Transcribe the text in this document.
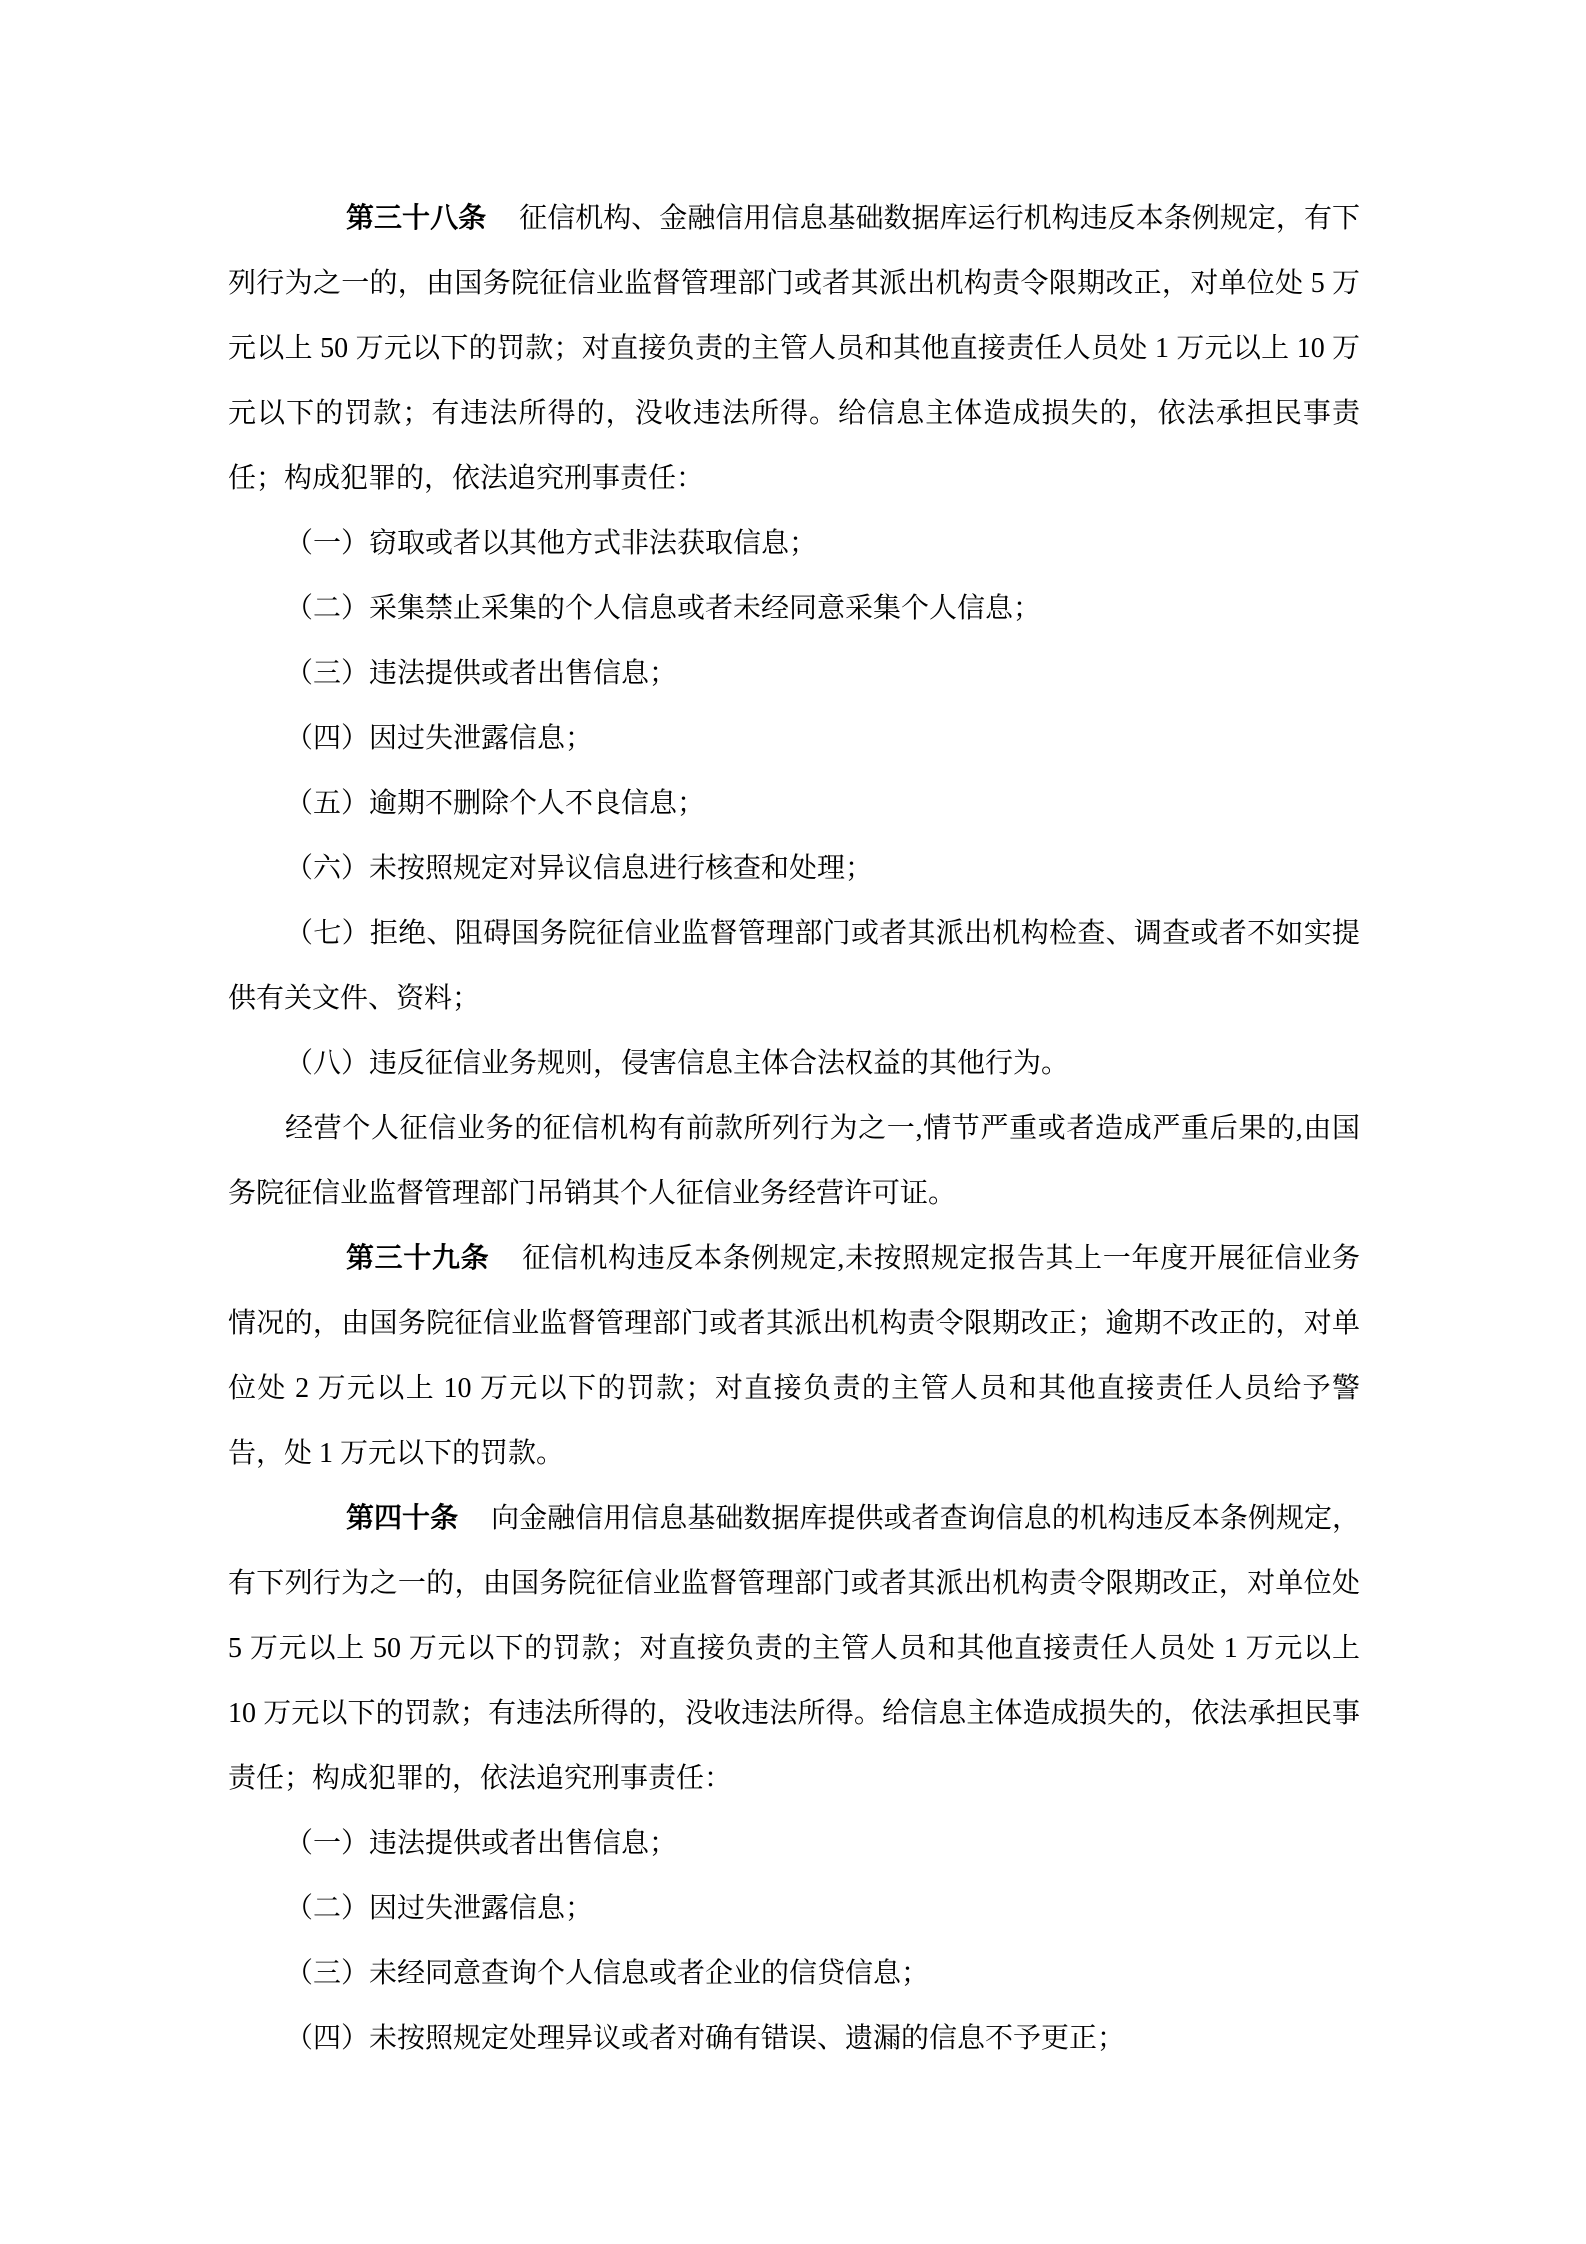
第三十八条 征信机构、金融信用信息基础数据库运行机构违反本条例规定，有下列行为之一的，由国务院征信业监督管理部门或者其派出机构责令限期改正，对单位处 5 万元以上 50 万元以下的罚款；对直接负责的主管人员和其他直接责任人员处 1 万元以上 10 万元以下的罚款；有违法所得的，没收违法所得。给信息主体造成损失的，依法承担民事责任；构成犯罪的，依法追究刑事责任：

（一）窃取或者以其他方式非法获取信息；

（二）采集禁止采集的个人信息或者未经同意采集个人信息；

（三）违法提供或者出售信息；

（四）因过失泄露信息；

（五）逾期不删除个人不良信息；

（六）未按照规定对异议信息进行核查和处理；

（七）拒绝、阻碍国务院征信业监督管理部门或者其派出机构检查、调查或者不如实提供有关文件、资料；

（八）违反征信业务规则，侵害信息主体合法权益的其他行为。

经营个人征信业务的征信机构有前款所列行为之一,情节严重或者造成严重后果的,由国务院征信业监督管理部门吊销其个人征信业务经营许可证。

第三十九条 征信机构违反本条例规定,未按照规定报告其上一年度开展征信业务情况的，由国务院征信业监督管理部门或者其派出机构责令限期改正；逾期不改正的，对单位处 2 万元以上 10 万元以下的罚款；对直接负责的主管人员和其他直接责任人员给予警告，处 1 万元以下的罚款。

第四十条 向金融信用信息基础数据库提供或者查询信息的机构违反本条例规定，有下列行为之一的，由国务院征信业监督管理部门或者其派出机构责令限期改正，对单位处 5 万元以上 50 万元以下的罚款；对直接负责的主管人员和其他直接责任人员处 1 万元以上 10 万元以下的罚款；有违法所得的，没收违法所得。给信息主体造成损失的，依法承担民事责任；构成犯罪的，依法追究刑事责任：

（一）违法提供或者出售信息；

（二）因过失泄露信息；

（三）未经同意查询个人信息或者企业的信贷信息；

（四）未按照规定处理异议或者对确有错误、遗漏的信息不予更正；
